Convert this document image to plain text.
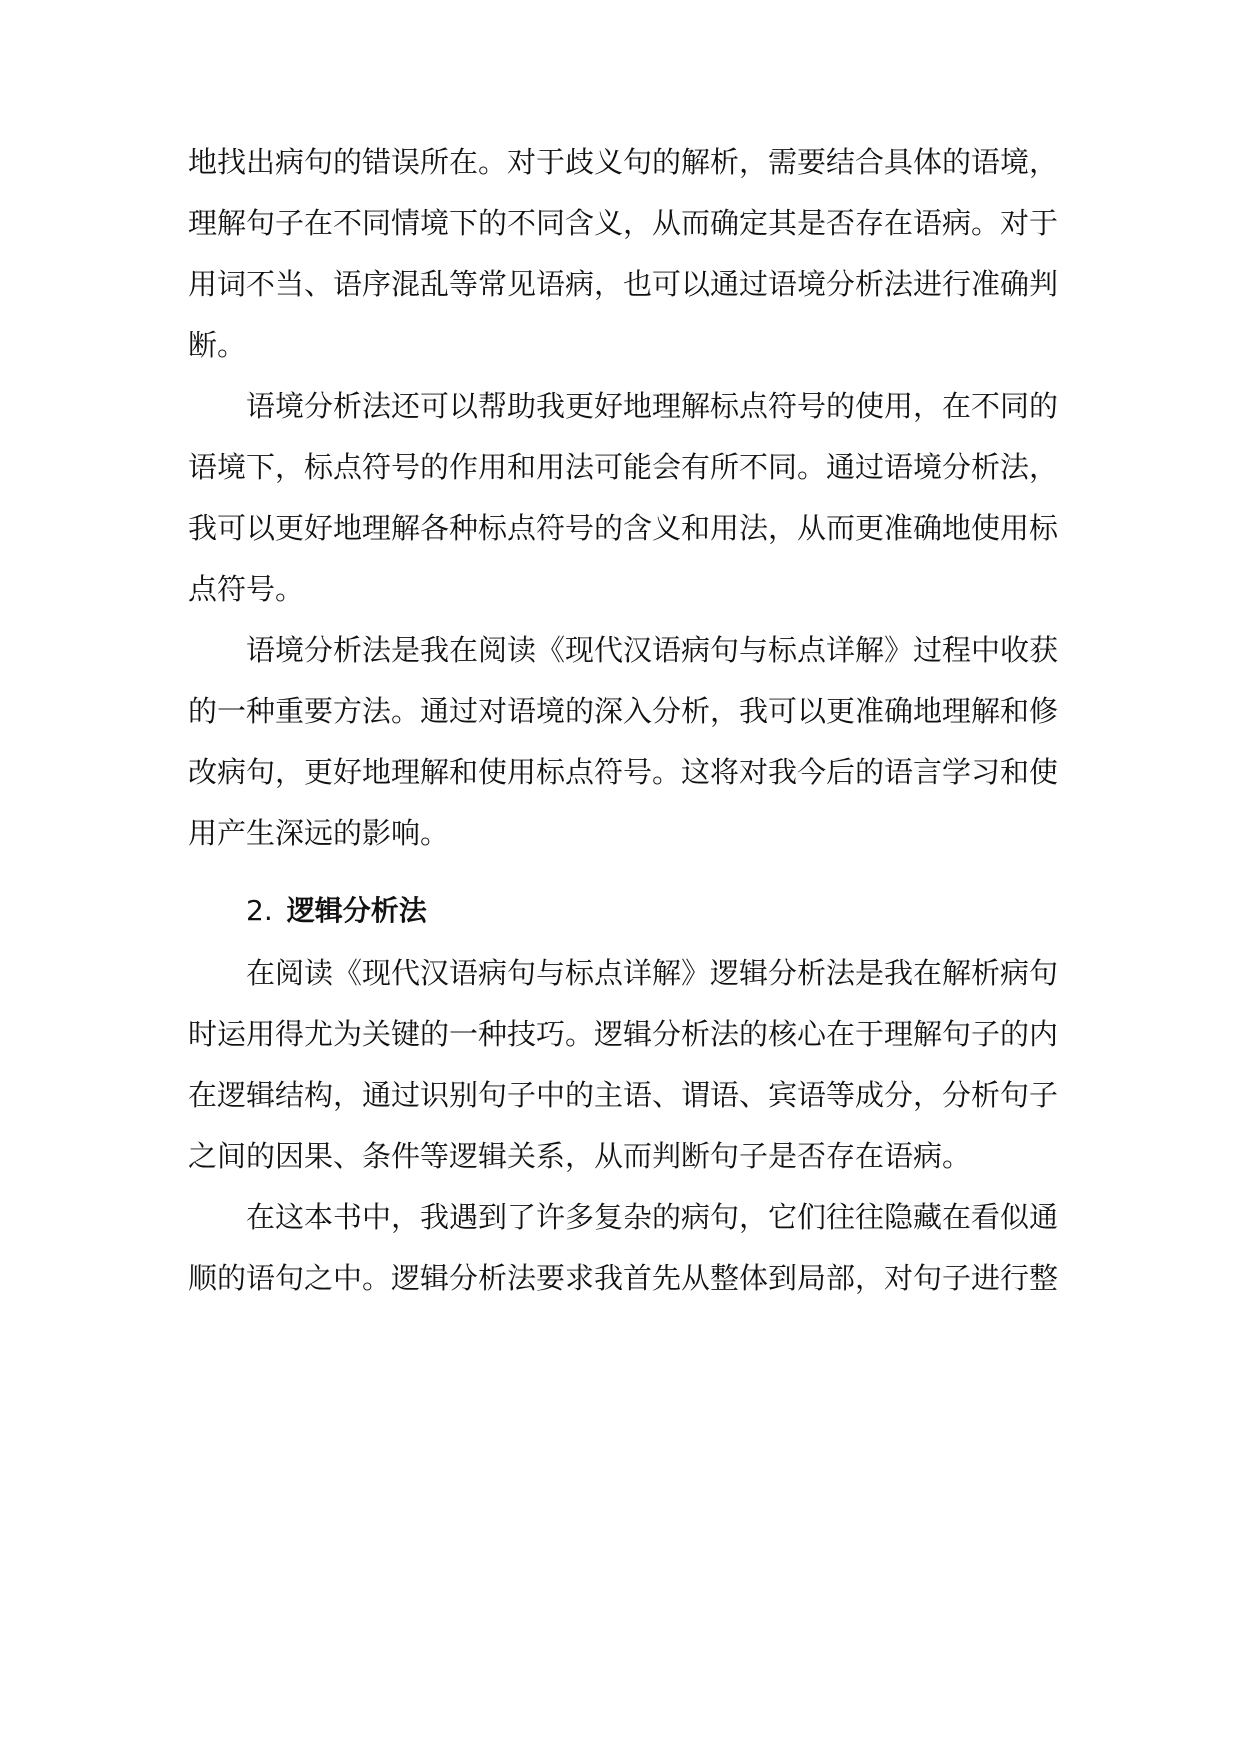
地找出病句的错误所在。对于歧义句的解析，需要结合具体的语境，
理解句子在不同情境下的不同含义，从而确定其是否存在语病。对于
用词不当、语序混乱等常见语病，也可以通过语境分析法进行准确判
断。
语境分析法还可以帮助我更好地理解标点符号的使用，在不同的
语境下，标点符号的作用和用法可能会有所不同。通过语境分析法，
我可以更好地理解各种标点符号的含义和用法，从而更准确地使用标
点符号。
语境分析法是我在阅读《现代汉语病句与标点详解》过程中收获
的一种重要方法。通过对语境的深入分析，我可以更准确地理解和修
改病句，更好地理解和使用标点符号。这将对我今后的语言学习和使
用产生深远的影响。
2. 逻辑分析法
在阅读《现代汉语病句与标点详解》逻辑分析法是我在解析病句
时运用得尤为关键的一种技巧。逻辑分析法的核心在于理解句子的内
在逻辑结构，通过识别句子中的主语、谓语、宾语等成分，分析句子
之间的因果、条件等逻辑关系，从而判断句子是否存在语病。
在这本书中，我遇到了许多复杂的病句，它们往往隐藏在看似通
顺的语句之中。逻辑分析法要求我首先从整体到局部，对句子进行整
